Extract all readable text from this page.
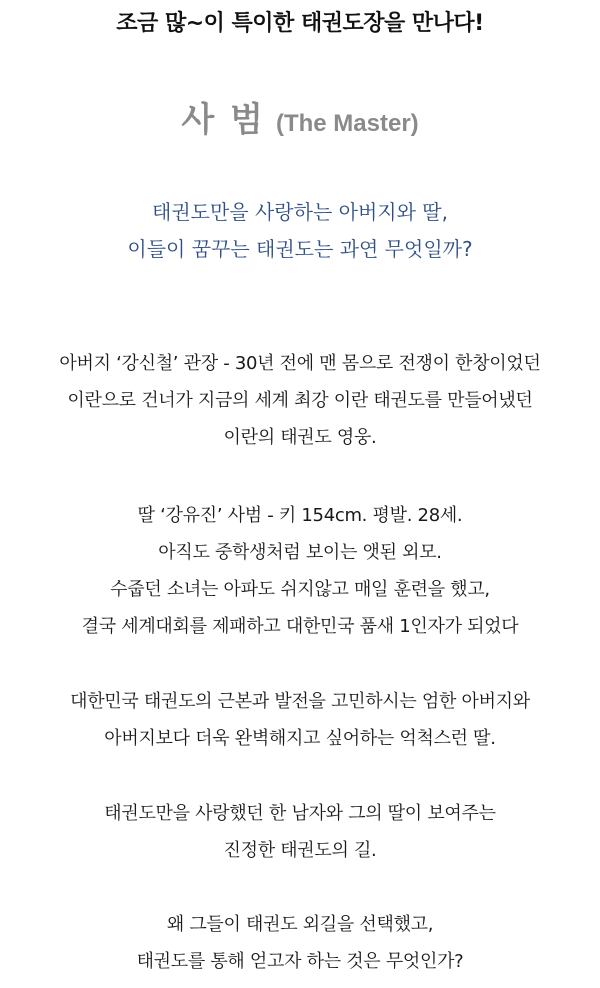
조금 많~이 특이한 태권도장을 만나다!
사 범 (The Master)
태권도만을 사랑하는 아버지와 딸,
이들이 꿈꾸는 태권도는 과연 무엇일까?
아버지 ‘강신철’ 관장 - 30년 전에 맨 몸으로 전쟁이 한창이었던
이란으로 건너가 지금의 세계 최강 이란 태권도를 만들어냈던
이란의 태권도 영웅.
딸 ‘강유진’ 사범 - 키 154cm. 평발. 28세.
아직도 중학생처럼 보이는 앳된 외모.
수줍던 소녀는 아파도 쉬지않고 매일 훈련을 했고,
결국 세계대회를 제패하고 대한민국 품새 1인자가 되었다
대한민국 태권도의 근본과 발전을 고민하시는 엄한 아버지와
아버지보다 더욱 완벽해지고 싶어하는 억척스런 딸.
태권도만을 사랑했던 한 남자와 그의 딸이 보여주는
진정한 태권도의 길.
왜 그들이 태권도 외길을 선택했고,
태권도를 통해 얻고자 하는 것은 무엇인가?
